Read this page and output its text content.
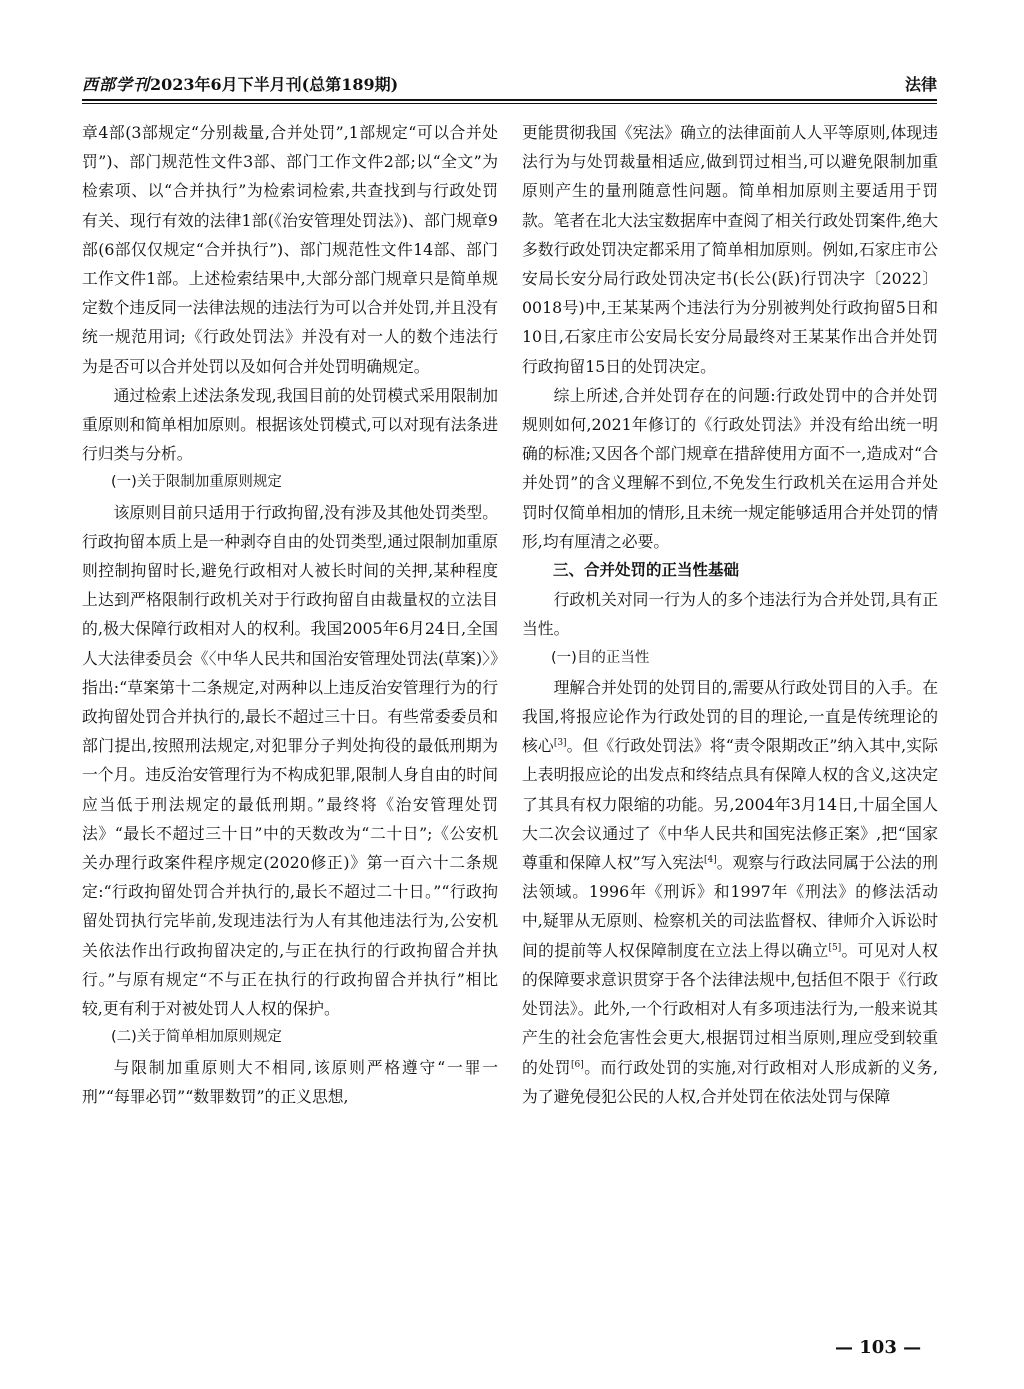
西部学刊2023年6月下半月刊(总第189期)	法律

章4部(3部规定“分别裁量,合并处罚”,1部规定“可以合并处罚”)、部门规范性文件3部、部门工作文件2部;以“全文”为检索项、以“合并执行”为检索词检索,共查找到与行政处罚有关、现行有效的法律1部(《治安管理处罚法》)、部门规章9部(6部仅仅规定“合并执行”)、部门规范性文件14部、部门工作文件1部。上述检索结果中,大部分部门规章只是简单规定数个违反同一法律法规的违法行为可以合并处罚,并且没有统一规范用词;《行政处罚法》并没有对一人的数个违法行为是否可以合并处罚以及如何合并处罚明确规定。

通过检索上述法条发现,我国目前的处罚模式采用限制加重原则和简单相加原则。根据该处罚模式,可以对现有法条进行归类与分析。

(一)关于限制加重原则规定

该原则目前只适用于行政拘留,没有涉及其他处罚类型。行政拘留本质上是一种剥夺自由的处罚类型,通过限制加重原则控制拘留时长,避免行政相对人被长时间的关押,某种程度上达到严格限制行政机关对于行政拘留自由裁量权的立法目的,极大保障行政相对人的权利。我国2005年6月24日,全国人大法律委员会《〈中华人民共和国治安管理处罚法(草案)〉》指出:“草案第十二条规定,对两种以上违反治安管理行为的行政拘留处罚合并执行的,最长不超过三十日。有些常委委员和部门提出,按照刑法规定,对犯罪分子判处拘役的最低刑期为一个月。违反治安管理行为不构成犯罪,限制人身自由的时间应当低于刑法规定的最低刑期。”最终将《治安管理处罚法》“最长不超过三十日”中的天数改为“二十日”;《公安机关办理行政案件程序规定(2020修正)》第一百六十二条规定:“行政拘留处罚合并执行的,最长不超过二十日。”“行政拘留处罚执行完毕前,发现违法行为人有其他违法行为,公安机关依法作出行政拘留决定的,与正在执行的行政拘留合并执行。”与原有规定“不与正在执行的行政拘留合并执行”相比较,更有利于对被处罚人人权的保护。

(二)关于简单相加原则规定

与限制加重原则大不相同,该原则严格遵守“一罪一刑”“每罪必罚”“数罪数罚”的正义思想,

更能贯彻我国《宪法》确立的法律面前人人平等原则,体现违法行为与处罚裁量相适应,做到罚过相当,可以避免限制加重原则产生的量刑随意性问题。简单相加原则主要适用于罚款。笔者在北大法宝数据库中查阅了相关行政处罚案件,绝大多数行政处罚决定都采用了简单相加原则。例如,石家庄市公安局长安分局行政处罚决定书(长公(跃)行罚决字〔2022〕0018号)中,王某某两个违法行为分别被判处行政拘留5日和10日,石家庄市公安局长安分局最终对王某某作出合并处罚行政拘留15日的处罚决定。

综上所述,合并处罚存在的问题:行政处罚中的合并处罚规则如何,2021年修订的《行政处罚法》并没有给出统一明确的标准;又因各个部门规章在措辞使用方面不一,造成对“合并处罚”的含义理解不到位,不免发生行政机关在运用合并处罚时仅简单相加的情形,且未统一规定能够适用合并处罚的情形,均有厘清之必要。

三、合并处罚的正当性基础

行政机关对同一行为人的多个违法行为合并处罚,具有正当性。

(一)目的正当性

理解合并处罚的处罚目的,需要从行政处罚目的入手。在我国,将报应论作为行政处罚的目的理论,一直是传统理论的核心[3]。但《行政处罚法》将“责令限期改正”纳入其中,实际上表明报应论的出发点和终结点具有保障人权的含义,这决定了其具有权力限缩的功能。另,2004年3月14日,十届全国人大二次会议通过了《中华人民共和国宪法修正案》,把“国家尊重和保障人权”写入宪法[4]。观察与行政法同属于公法的刑法领域。1996年《刑诉》和1997年《刑法》的修法活动中,疑罪从无原则、检察机关的司法监督权、律师介入诉讼时间的提前等人权保障制度在立法上得以确立[5]。可见对人权的保障要求意识贯穿于各个法律法规中,包括但不限于《行政处罚法》。此外,一个行政相对人有多项违法行为,一般来说其产生的社会危害性会更大,根据罚过相当原则,理应受到较重的处罚[6]。而行政处罚的实施,对行政相对人形成新的义务,为了避免侵犯公民的人权,合并处罚在依法处罚与保障

— 103 —
